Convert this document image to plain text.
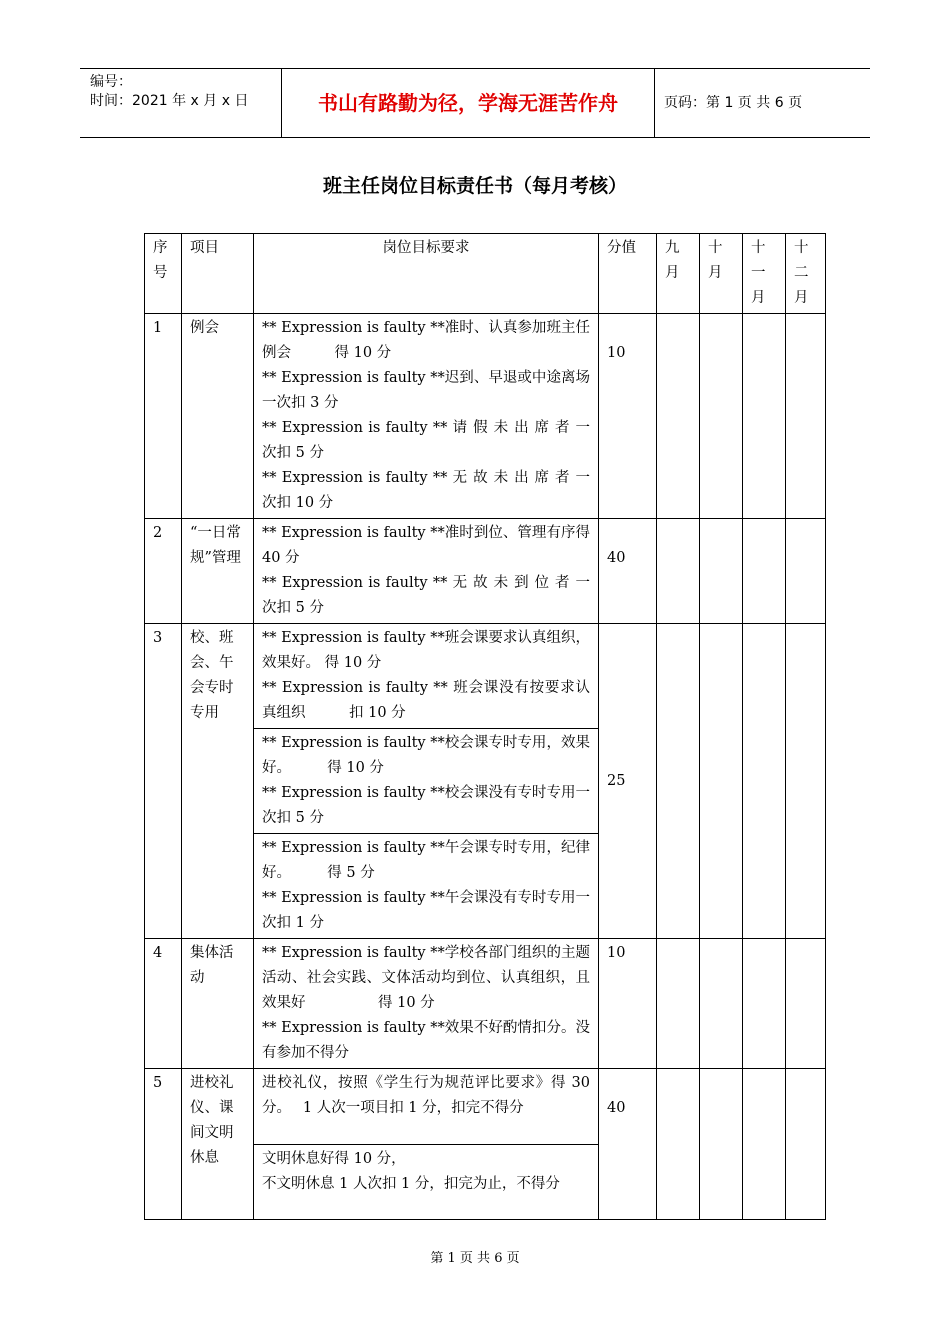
编号：
时间：2021 年 x 月 x 日	书山有路勤为径，学海无涯苦作舟	页码：第 1 页 共 6 页
班主任岗位目标责任书（每月考核）
序号	项目	岗位目标要求	分值	九月	十月	十一月	十二月
1	例会	** Expression is faulty **准时、认真参加班主任例会　　　得 10 分
** Expression is faulty **迟到、早退或中途离场　　　一次扣 3 分
** Expression is faulty ** 请 假 未 出 席 者 一次扣 5 分
** Expression is faulty ** 无 故 未 出 席 者 一次扣 10 分	10				
2	“一日常规”管理	** Expression is faulty **准时到位、管理有序得 40 分
** Expression is faulty ** 无 故 未 到 位 者 一次扣 5 分	40				
3	校、班会、午会专时专用	** Expression is faulty **班会课要求认真组织，效果好。 得 10 分
** Expression is faulty ** 班会课没有按要求认真组织　　　扣 10 分	25				

		** Expression is faulty **校会课专时专用，效果好。　　　得 10 分
** Expression is faulty **校会课没有专时专用一次扣 5 分					

		** Expression is faulty **午会课专时专用，纪律好。　　　得 5 分
** Expression is faulty **午会课没有专时专用一次扣 1 分					

4	集体活动	** Expression is faulty **学校各部门组织的主题活动、社会实践、文体活动均到位、认真组织，且效果好　　　　　得 10 分
** Expression is faulty **效果不好酌情扣分。没有参加不得分	10				
5	进校礼仪、课间文明休息	进校礼仪，按照《学生行为规范评比要求》得 30 分。　 1 人次一项目扣 1 分，扣完不得分	40				

		文明休息好得 10 分，
不文明休息 1 人次扣 1 分，扣完为止，不得分					
第 1 页 共 6 页
